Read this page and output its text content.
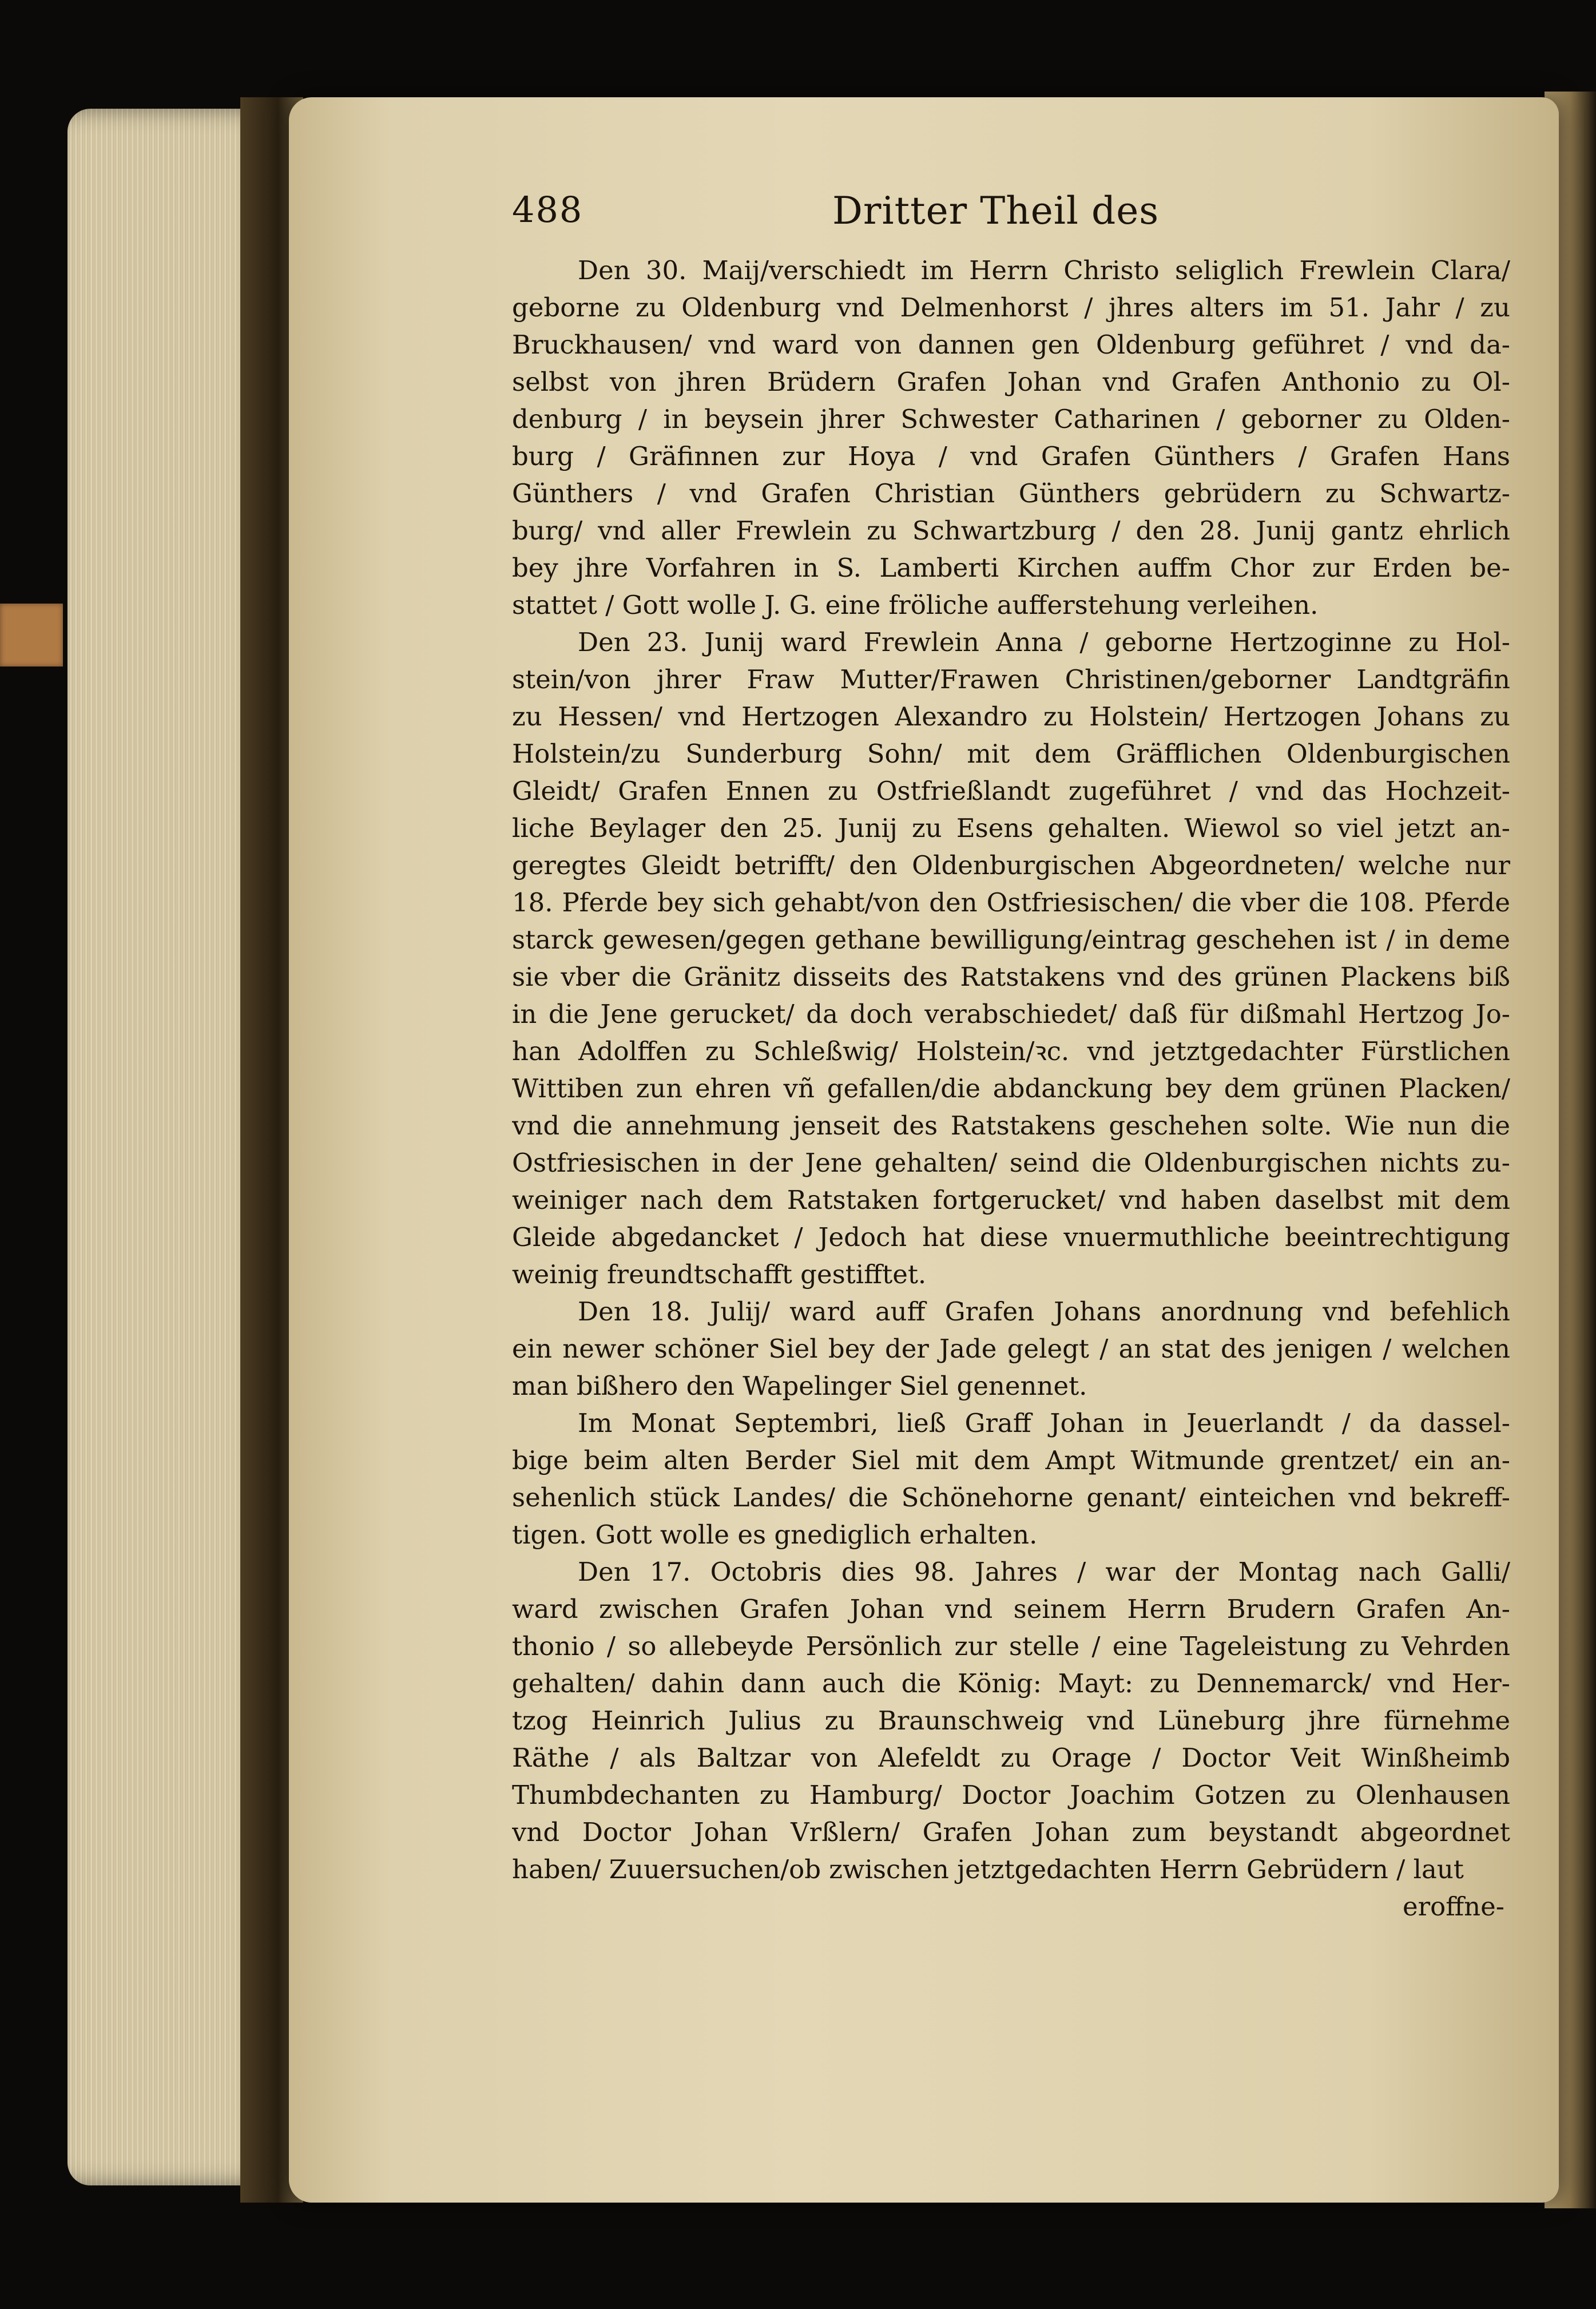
488	Dritter Theil des
Den 30. Maij/verschiedt im Herrn Christo seliglich Frewlein Clara/
geborne zu Oldenburg vnd Delmenhorst / jhres alters im 51. Jahr / zu
Bruckhausen/ vnd ward von dannen gen Oldenburg geführet / vnd da-
selbst von jhren Brüdern Grafen Johan vnd Grafen Anthonio zu Ol-
denburg / in beysein jhrer Schwester Catharinen / geborner zu Olden-
burg / Gräfinnen zur Hoya / vnd Grafen Günthers / Grafen Hans
Günthers / vnd Grafen Christian Günthers gebrüdern zu Schwartz-
burg/ vnd aller Frewlein zu Schwartzburg / den 28. Junij gantz ehrlich
bey jhre Vorfahren in S. Lamberti Kirchen auffm Chor zur Erden be-
stattet / Gott wolle J. G. eine fröliche aufferstehung verleihen.
Den 23. Junij ward Frewlein Anna / geborne Hertzoginne zu Hol-
stein/von jhrer Fraw Mutter/Frawen Christinen/geborner Landtgräfin
zu Hessen/ vnd Hertzogen Alexandro zu Holstein/ Hertzogen Johans zu
Holstein/zu Sunderburg Sohn/ mit dem Gräfflichen Oldenburgischen
Gleidt/ Grafen Ennen zu Ostfrießlandt zugeführet / vnd das Hochzeit-
liche Beylager den 25. Junij zu Esens gehalten. Wiewol so viel jetzt an-
geregtes Gleidt betrifft/ den Oldenburgischen Abgeordneten/ welche nur
18. Pferde bey sich gehabt/von den Ostfriesischen/ die vber die 108. Pferde
starck gewesen/gegen gethane bewilligung/eintrag geschehen ist / in deme
sie vber die Gränitz disseits des Ratstakens vnd des grünen Plackens biß
in die Jene gerucket/ da doch verabschiedet/ daß für dißmahl Hertzog Jo-
han Adolffen zu Schleßwig/ Holstein/ꝛc. vnd jetztgedachter Fürstlichen
Wittiben zun ehren vñ gefallen/die abdanckung bey dem grünen Placken/
vnd die annehmung jenseit des Ratstakens geschehen solte. Wie nun die
Ostfriesischen in der Jene gehalten/ seind die Oldenburgischen nichts zu-
weiniger nach dem Ratstaken fortgerucket/ vnd haben daselbst mit dem
Gleide abgedancket / Jedoch hat diese vnuermuthliche beeintrechtigung
weinig freundtschafft gestifftet.
Den 18. Julij/ ward auff Grafen Johans anordnung vnd befehlich
ein newer schöner Siel bey der Jade gelegt / an stat des jenigen / welchen
man bißhero den Wapelinger Siel genennet.
Im Monat Septembri, ließ Graff Johan in Jeuerlandt / da dassel-
bige beim alten Berder Siel mit dem Ampt Witmunde grentzet/ ein an-
sehenlich stück Landes/ die Schönehorne genant/ einteichen vnd bekreff-
tigen. Gott wolle es gnediglich erhalten.
Den 17. Octobris dies 98. Jahres / war der Montag nach Galli/
ward zwischen Grafen Johan vnd seinem Herrn Brudern Grafen An-
thonio / so allebeyde Persönlich zur stelle / eine Tageleistung zu Vehrden
gehalten/ dahin dann auch die König: Mayt: zu Dennemarck/ vnd Her-
tzog Heinrich Julius zu Braunschweig vnd Lüneburg jhre fürnehme
Räthe / als Baltzar von Alefeldt zu Orage / Doctor Veit Winßheimb
Thumbdechanten zu Hamburg/ Doctor Joachim Gotzen zu Olenhausen
vnd Doctor Johan Vrßlern/ Grafen Johan zum beystandt abgeordnet
haben/ Zuuersuchen/ob zwischen jetztgedachten Herrn Gebrüdern / laut
eroffne-
